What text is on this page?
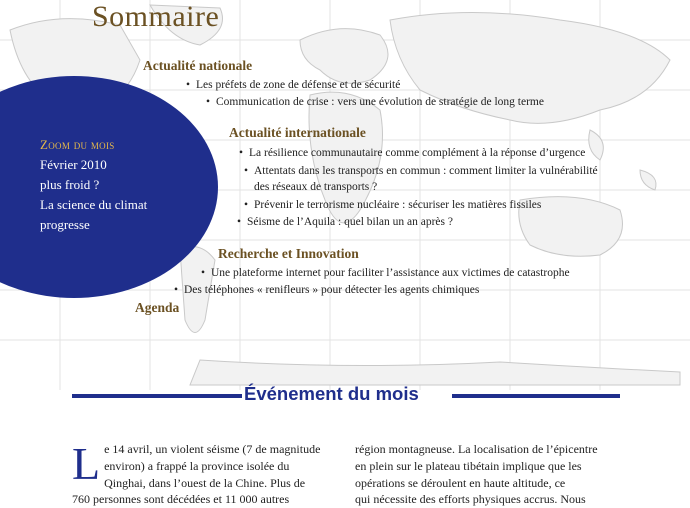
Sommaire
Zoom du mois
Février 2010
plus froid ?
La science du climat
progresse
Actualité nationale
• Les préfets de zone de défense et de sécurité
• Communication de crise : vers une évolution de stratégie de long terme
Actualité internationale
• La résilience communautaire comme complément à la réponse d’urgence
• Attentats dans les transports en commun : comment limiter la vulnérabilité
des réseaux de transports ?
• Prévenir le terrorisme nucléaire : sécuriser les matières fissiles
• Séisme de l’Aquila : quel bilan un an après ?
Recherche et Innovation
• Une plateforme internet pour faciliter l’assistance aux victimes de catastrophe
• Des téléphones « renifleurs » pour détecter les agents chimiques
Agenda
Événement du mois
L e 14 avril, un violent séisme (7 de magnitude
environ) a frappé la province isolée du
Qinghai, dans l’ouest de la Chine. Plus de
760 personnes sont décédées et 11 000 autres
région montagneuse. La localisation de l’épicentre
en plein sur le plateau tibétain implique que les
opérations se déroulent en haute altitude, ce
qui nécessite des efforts physiques accrus. Nous
